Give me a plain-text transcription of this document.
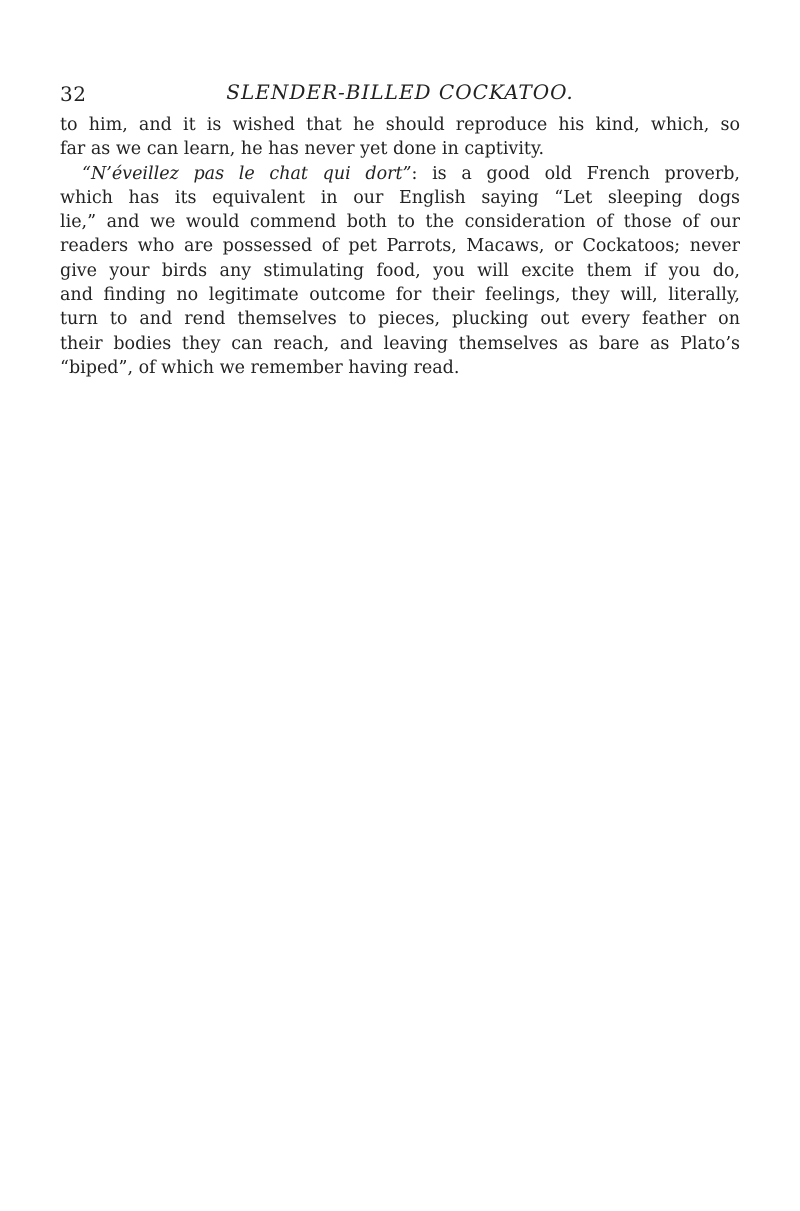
32	SLENDER-BILLED COCKATOO.
to him, and it is wished that he should reproduce his kind, which, so
far as we can learn, he has never yet done in captivity.
“N’éveillez pas le chat qui dort”: is a good old French proverb,
which has its equivalent in our English saying “Let sleeping dogs
lie,” and we would commend both to the consideration of those of our
readers who are possessed of pet Parrots, Macaws, or Cockatoos; never
give your birds any stimulating food, you will excite them if you do,
and finding no legitimate outcome for their feelings, they will, literally,
turn to and rend themselves to pieces, plucking out every feather on
their bodies they can reach, and leaving themselves as bare as Plato’s
“biped”, of which we remember having read.
